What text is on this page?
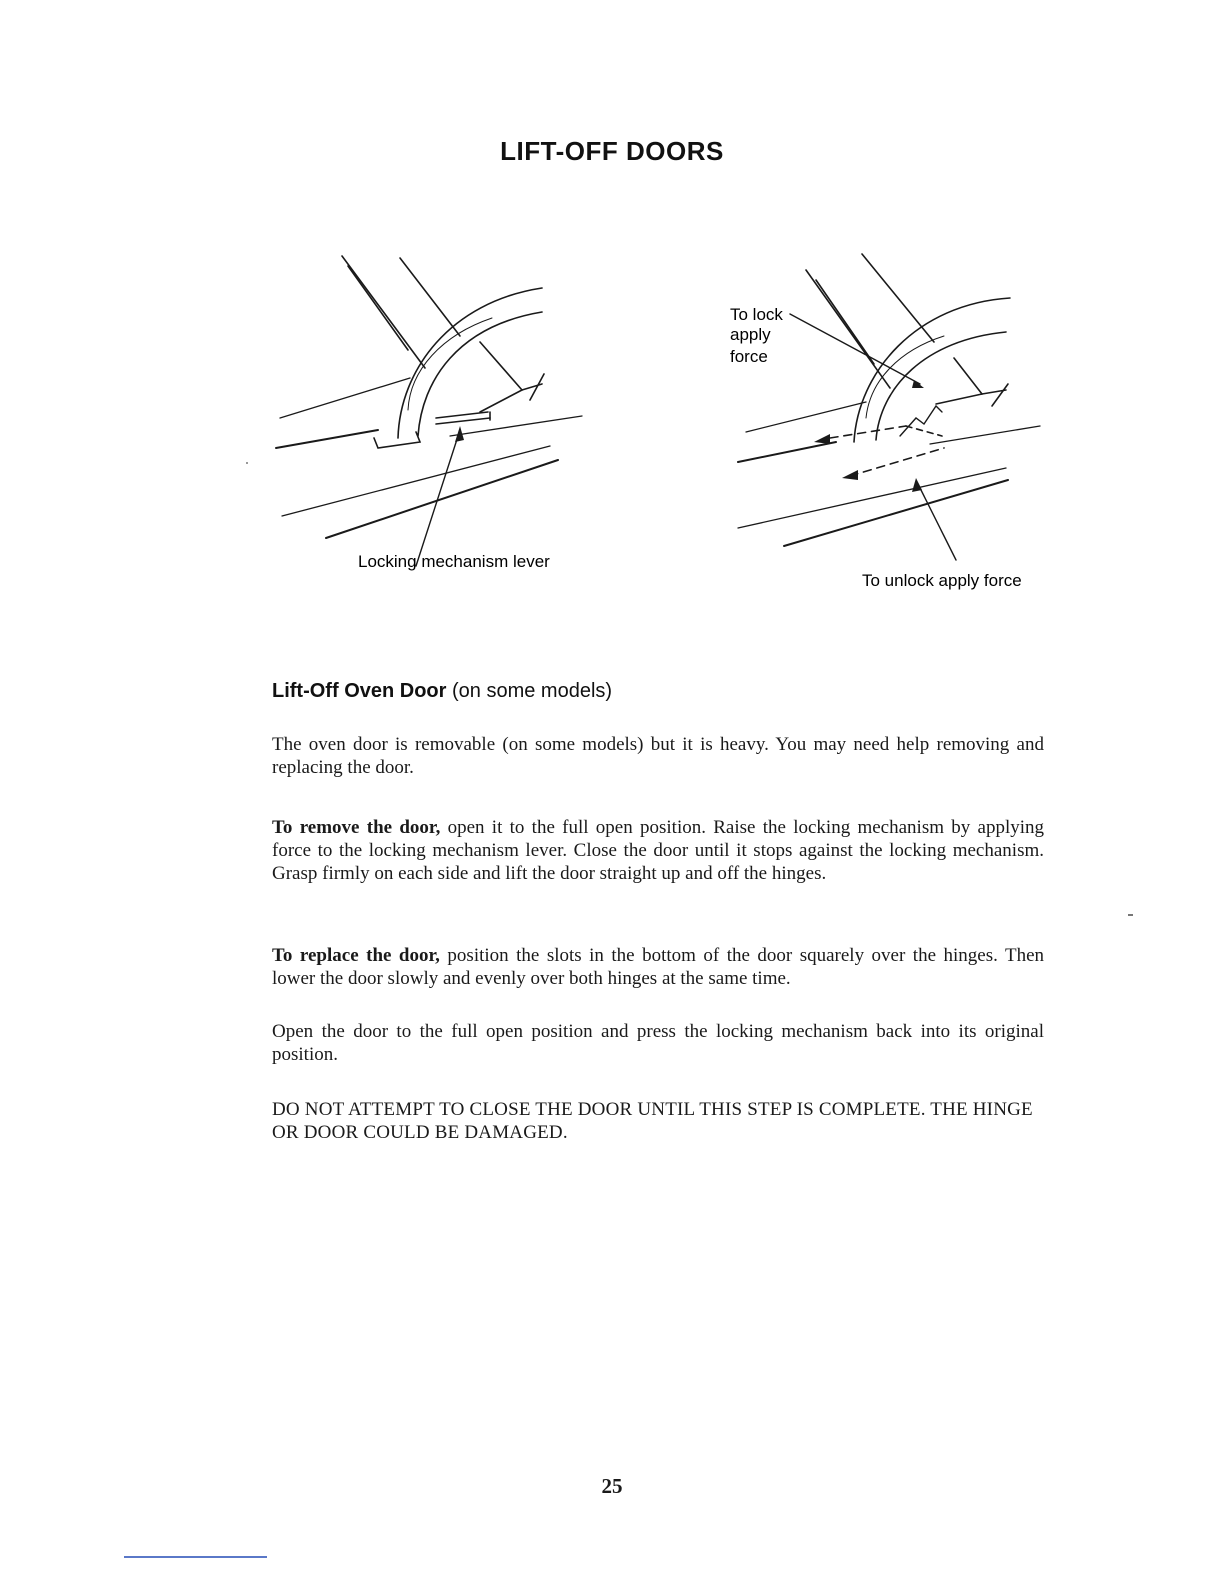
LIFT-OFF DOORS
Locking mechanism lever
To lock
apply
force
To unlock apply force
Lift-Off Oven Door (on some models)

The oven door is removable (on some models) but it is heavy. You may need help removing and replacing the door.

To remove the door, open it to the full open position. Raise the locking mechanism by applying force to the locking mechanism lever. Close the door until it stops against the locking mechanism. Grasp firmly on each side and lift the door straight up and off the hinges.

To replace the door, position the slots in the bottom of the door squarely over the hinges. Then lower the door slowly and evenly over both hinges at the same time.

Open the door to the full open position and press the locking mechanism back into its original position.

DO NOT ATTEMPT TO CLOSE THE DOOR UNTIL THIS STEP IS COMPLETE. THE HINGE OR DOOR COULD BE DAMAGED.

25
